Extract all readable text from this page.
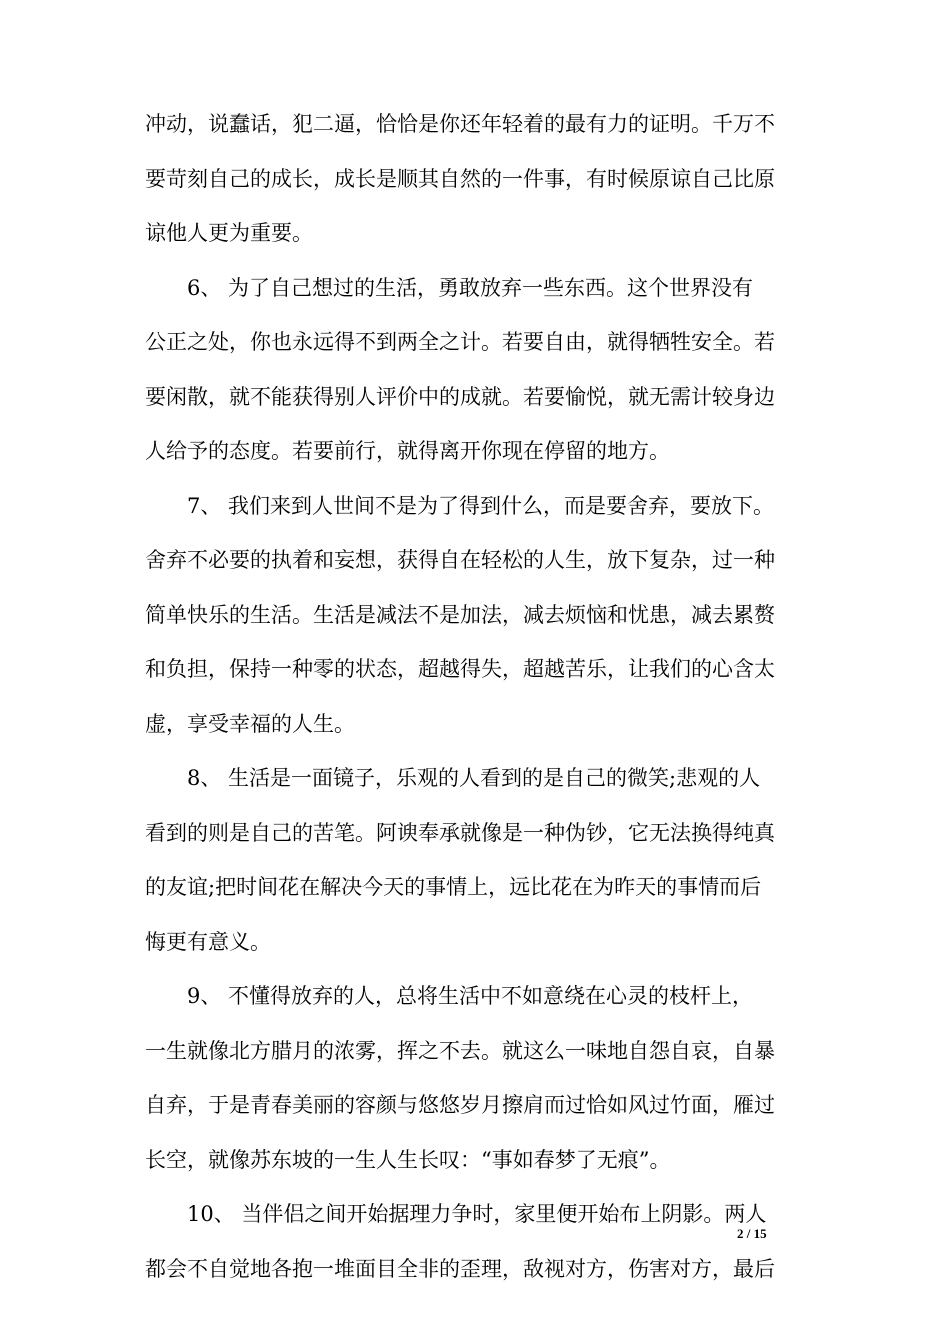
冲动，说蠢话，犯二逼，恰恰是你还年轻着的最有力的证明。千万不
要苛刻自己的成长，成长是顺其自然的一件事，有时候原谅自己比原
谅他人更为重要。
6、 为了自己想过的生活，勇敢放弃一些东西。这个世界没有
公正之处，你也永远得不到两全之计。若要自由，就得牺牲安全。若
要闲散，就不能获得别人评价中的成就。若要愉悦，就无需计较身边
人给予的态度。若要前行，就得离开你现在停留的地方。
7、 我们来到人世间不是为了得到什么，而是要舍弃，要放下。
舍弃不必要的执着和妄想，获得自在轻松的人生，放下复杂，过一种
简单快乐的生活。生活是减法不是加法，减去烦恼和忧患，减去累赘
和负担，保持一种零的状态，超越得失，超越苦乐，让我们的心含太
虚，享受幸福的人生。
8、 生活是一面镜子，乐观的人看到的是自己的微笑;悲观的人
看到的则是自己的苦笔。阿谀奉承就像是一种伪钞，它无法换得纯真
的友谊;把时间花在解决今天的事情上，远比花在为昨天的事情而后
悔更有意义。
9、 不懂得放弃的人，总将生活中不如意绕在心灵的枝杆上，
一生就像北方腊月的浓雾，挥之不去。就这么一味地自怨自哀，自暴
自弃，于是青春美丽的容颜与悠悠岁月擦肩而过恰如风过竹面，雁过
长空，就像苏东坡的一生人生长叹：“事如春梦了无痕”。
10、 当伴侣之间开始据理力争时，家里便开始布上阴影。两人
都会不自觉地各抱一堆面目全非的歪理，敌视对方，伤害对方，最后
2 / 15
